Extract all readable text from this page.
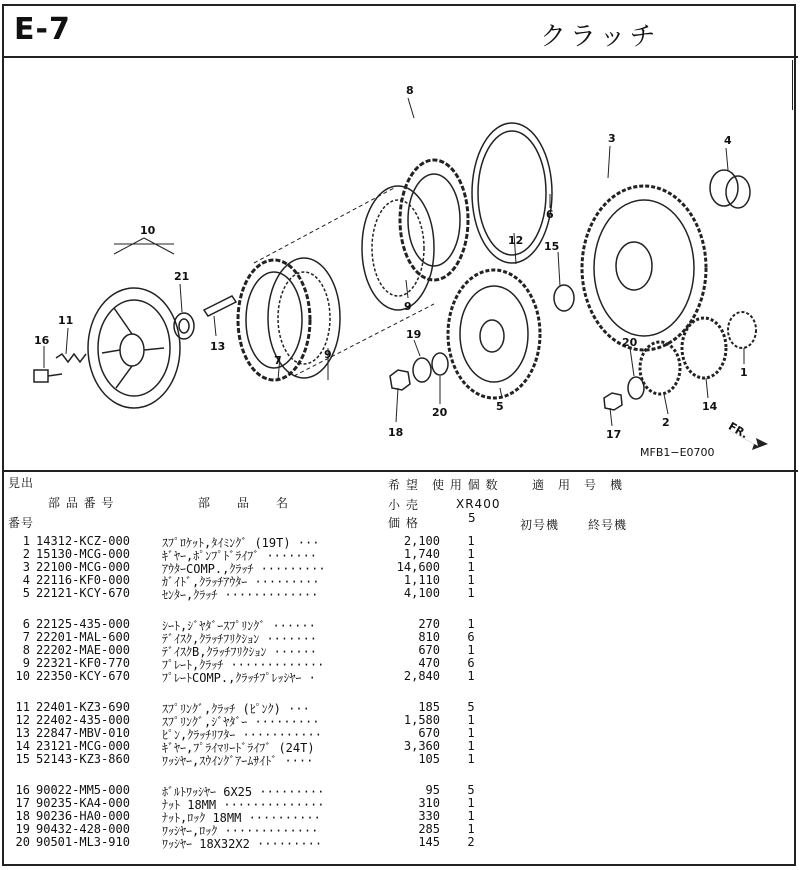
E-7	クラッチ
10
21
11
16	13
7	9
8
9
12
6
3	4
15
19
20
1
14
2
17
18
20	5
MFB1−E0700
FR.
見出
番号
部 品 番 号	部　　品　　名
希 望
小 売
価 格
使 用 個 数
XR400
5
適　用　号　機
初号機 終号機
1 14312-KCZ-000	ｽﾌﾟﾛｹｯﾄ,ﾀｲﾐﾝｸﾞ (19T) ···	2,100 1
2 15130-MCG-000	ｷﾞﾔｰ,ﾎﾟﾝﾌﾟﾄﾞﾗｲﾌﾞ ·······	1,740 1
3 22100-MCG-000	ｱｳﾀｰCOMP.,ｸﾗｯﾁ ·········	14,600 1
4 22116-KF0-000	ｶﾞｲﾄﾞ,ｸﾗｯﾁｱｳﾀｰ ·········	1,110 1
5 22121-KCY-670	ｾﾝﾀｰ,ｸﾗｯﾁ ·············	4,100 1
6 22125-435-000	ｼｰﾄ,ｼﾞﾔﾀﾞｰｽﾌﾟﾘﾝｸﾞ ······	270 1
7 22201-MAL-600	ﾃﾞｲｽｸ,ｸﾗｯﾁﾌﾘｸｼｮﾝ ·······	810 6
8 22202-MAE-000	ﾃﾞｲｽｸB,ｸﾗｯﾁﾌﾘｸｼｮﾝ ······	670 1
9 22321-KF0-770	ﾌﾟﾚｰﾄ,ｸﾗｯﾁ ·············	470 6
10 22350-KCY-670	ﾌﾟﾚｰﾄCOMP.,ｸﾗｯﾁﾌﾟﾚｯｼﾔｰ ·	2,840 1
11 22401-KZ3-690	ｽﾌﾟﾘﾝｸﾞ,ｸﾗｯﾁ (ﾋﾟﾝｸ) ···	185 5
12 22402-435-000	ｽﾌﾟﾘﾝｸﾞ,ｼﾞﾔﾀﾞｰ ·········	1,580 1
13 22847-MBV-010	ﾋﾟﾝ,ｸﾗｯﾁﾘﾌﾀｰ ···········	670 1
14 23121-MCG-000	ｷﾞﾔｰ,ﾌﾟﾗｲﾏﾘｰﾄﾞﾗｲﾌﾞ (24T)	3,360 1
15 52143-KZ3-860	ﾜｯｼﾔｰ,ｽｳｲﾝｸﾞｱｰﾑｻｲﾄﾞ ····	105 1
16 90022-MM5-000	ﾎﾞﾙﾄﾜｯｼﾔｰ 6X25 ·········	95 5
17 90235-KA4-000	ﾅｯﾄ 18MM ··············	310 1
18 90236-HA0-000	ﾅｯﾄ,ﾛｯｸ 18MM ··········	330 1
19 90432-428-000	ﾜｯｼﾔｰ,ﾛｯｸ ·············	285 1
20 90501-ML3-910	ﾜｯｼﾔｰ 18X32X2 ·········	145 2
